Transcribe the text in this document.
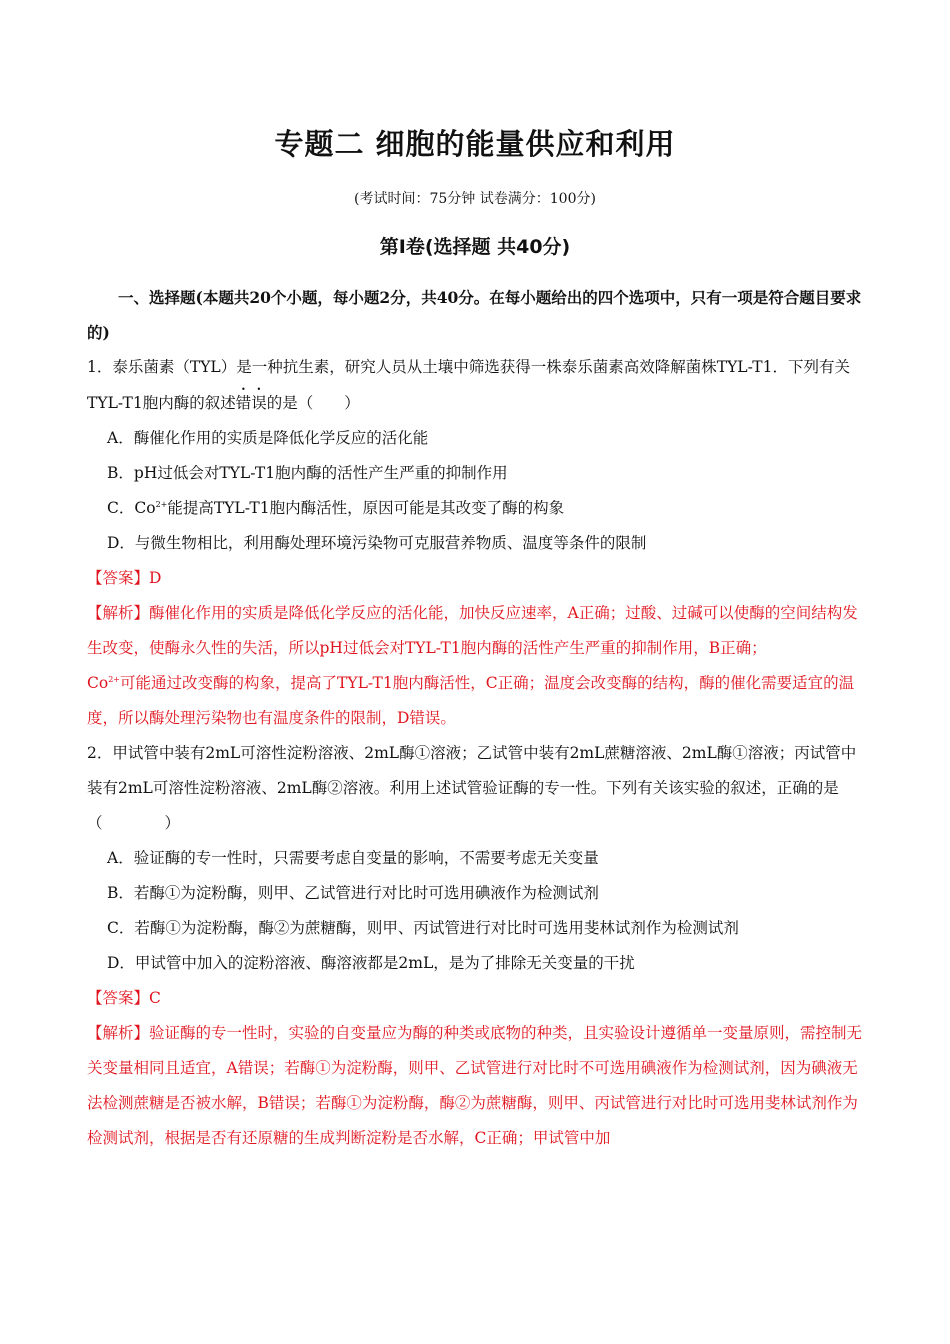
专题二 细胞的能量供应和利用
(考试时间：75分钟 试卷满分：100分)
第Ⅰ卷(选择题 共40分)

一、选择题(本题共20个小题，每小题2分，共40分。在每小题给出的四个选项中，只有一项是符合题目要求的)

1．泰乐菌素（TYL）是一种抗生素，研究人员从土壤中筛选获得一株泰乐菌素高效降解菌株TYL-T1．下列有关TYL-T1胞内酶的叙述错误的是（　　）

A．酶催化作用的实质是降低化学反应的活化能

B．pH过低会对TYL-T1胞内酶的活性产生严重的抑制作用

C．$Co^{2+}$能提高TYL-T1胞内酶活性，原因可能是其改变了酶的构象

D．与微生物相比，利用酶处理环境污染物可克服营养物质、温度等条件的限制

【答案】D

【解析】酶催化作用的实质是降低化学反应的活化能，加快反应速率，A正确；过酸、过碱可以使酶的空间结构发生改变，使酶永久性的失活，所以pH过低会对TYL-T1胞内酶的活性产生严重的抑制作用，B正确；

$Co^{2+}$可能通过改变酶的构象，提高了TYL-T1胞内酶活性，C正确；温度会改变酶的结构，酶的催化需要适宜的温度，所以酶处理污染物也有温度条件的限制，D错误。

2．甲试管中装有2mL可溶性淀粉溶液、2mL酶①溶液；乙试管中装有2mL蔗糖溶液、2mL酶①溶液；丙试管中装有2mL可溶性淀粉溶液、2mL酶②溶液。利用上述试管验证酶的专一性。下列有关该实验的叙述，正确的是（　　　　）

A．验证酶的专一性时，只需要考虑自变量的影响，不需要考虑无关变量

B．若酶①为淀粉酶，则甲、乙试管进行对比时可选用碘液作为检测试剂

C．若酶①为淀粉酶，酶②为蔗糖酶，则甲、丙试管进行对比时可选用斐林试剂作为检测试剂

D．甲试管中加入的淀粉溶液、酶溶液都是2mL，是为了排除无关变量的干扰

【答案】C

【解析】验证酶的专一性时，实验的自变量应为酶的种类或底物的种类，且实验设计遵循单一变量原则，需控制无关变量相同且适宜，A错误；若酶①为淀粉酶，则甲、乙试管进行对比时不可选用碘液作为检测试剂，因为碘液无法检测蔗糖是否被水解，B错误；若酶①为淀粉酶，酶②为蔗糖酶，则甲、丙试管进行对比时可选用斐林试剂作为检测试剂，根据是否有还原糖的生成判断淀粉是否水解，C正确；甲试管中加
